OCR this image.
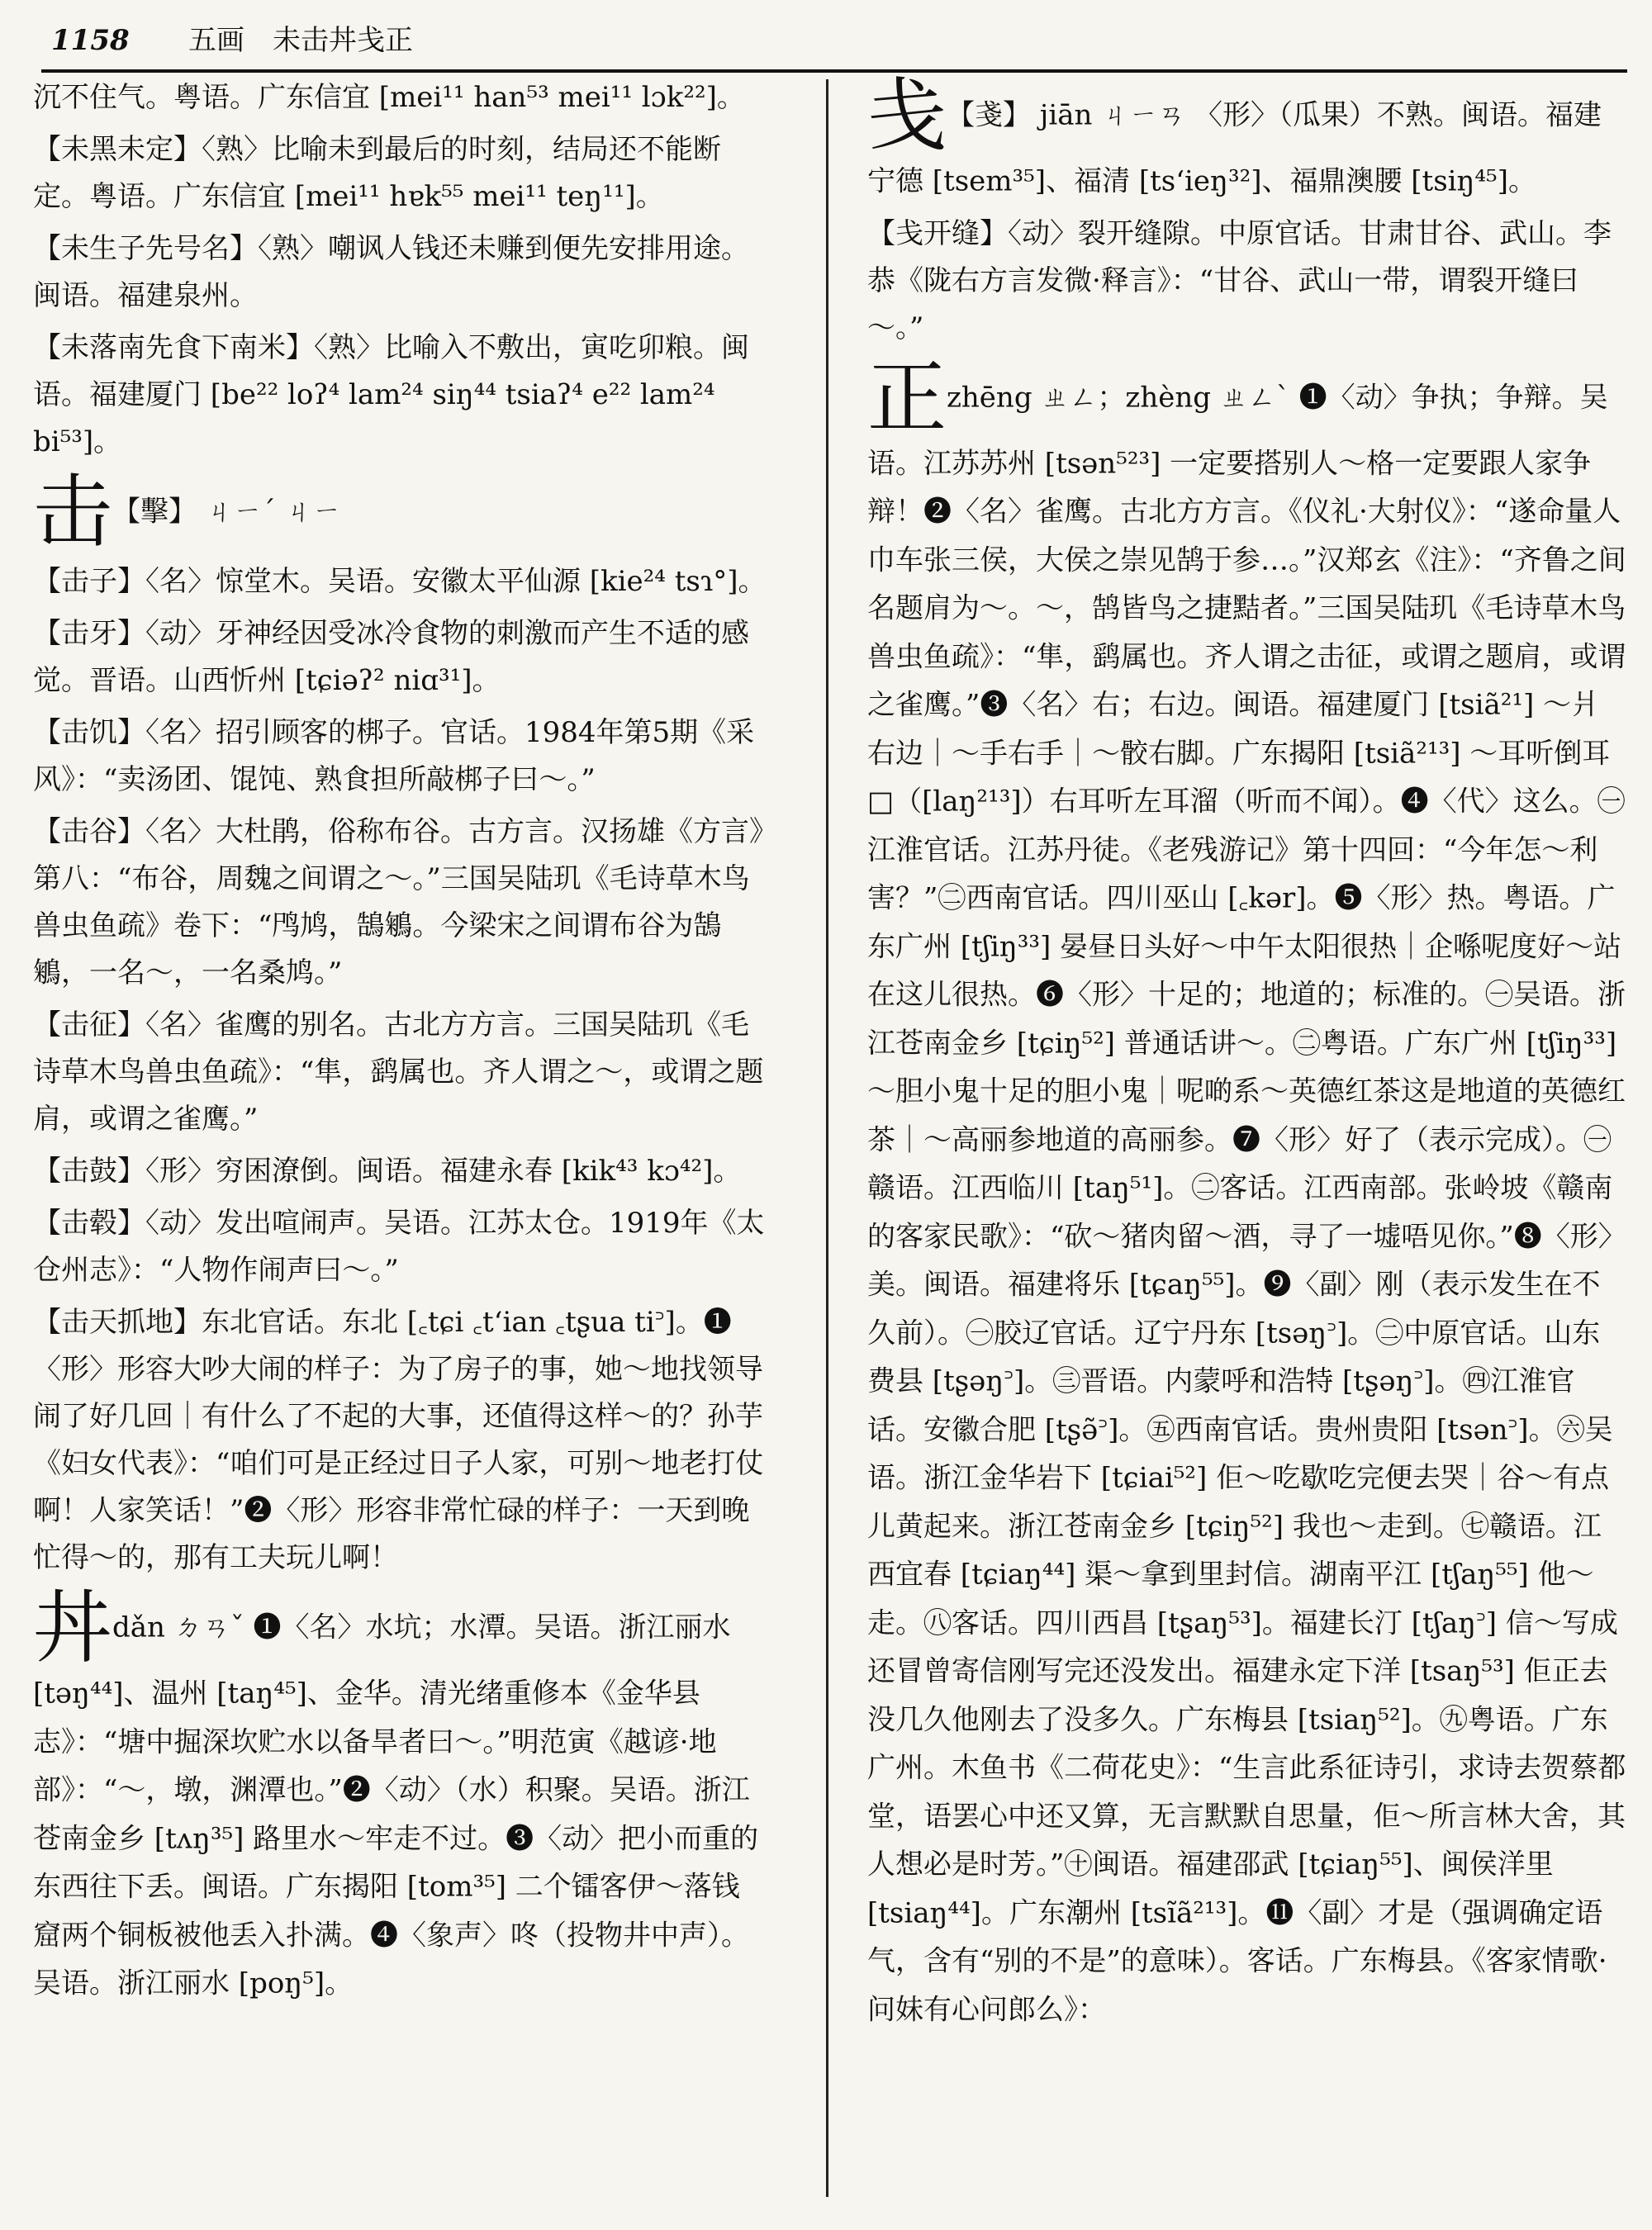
1158 五画　未击丼戋正

沉不住气。粤语。广东信宜 [mei¹¹ han⁵³ mei¹¹ lɔk²²]。

【未黑未定】〈熟〉比喻未到最后的时刻，结局还不能断定。粤语。广东信宜 [mei¹¹ hɐk⁵⁵ mei¹¹ teŋ¹¹]。

【未生子先号名】〈熟〉嘲讽人钱还未赚到便先安排用途。闽语。福建泉州。

【未落南先食下南米】〈熟〉比喻入不敷出，寅吃卯粮。闽语。福建厦门 [be²² loʔ⁴ lam²⁴ siŋ⁴⁴ tsiaʔ⁴ e²² lam²⁴ bi⁵³]。

击【擊】 ㄐㄧˊ ㄐㄧ

【击子】〈名〉惊堂木。吴语。安徽太平仙源 [kie²⁴ tsɿ°]。

【击牙】〈动〉牙神经因受冰冷食物的刺激而产生不适的感觉。晋语。山西忻州 [tɕiəʔ² niɑ³¹]。

【击饥】〈名〉招引顾客的梆子。官话。1984年第5期《采风》：“卖汤团、馄饨、熟食担所敲梆子曰～。”

【击谷】〈名〉大杜鹃，俗称布谷。古方言。汉扬雄《方言》第八：“布谷，周魏之间谓之～。”三国吴陆玑《毛诗草木鸟兽虫鱼疏》卷下：“鸤鸠，鵠鵴。今梁宋之间谓布谷为鵠鵴，一名～，一名桑鸠。”

【击征】〈名〉雀鹰的别名。古北方方言。三国吴陆玑《毛诗草木鸟兽虫鱼疏》：“隼，鹞属也。齐人谓之～，或谓之题肩，或谓之雀鹰。”

【击鼓】〈形〉穷困潦倒。闽语。福建永春 [kik⁴³ kɔ⁴²]。

【击毂】〈动〉发出喧闹声。吴语。江苏太仓。1919年《太仓州志》：“人物作闹声曰～。”

【击天抓地】东北官话。东北 [꜀tɕi ꜀tʻian ꜀tʂua ti꜄]。❶〈形〉形容大吵大闹的样子：为了房子的事，她～地找领导闹了好几回｜有什么了不起的大事，还值得这样～的？孙芋《妇女代表》：“咱们可是正经过日子人家，可别～地老打仗啊！人家笑话！”❷〈形〉形容非常忙碌的样子：一天到晚忙得～的，那有工夫玩儿啊！

丼dǎn ㄉㄢˇ ❶〈名〉水坑；水潭。吴语。浙江丽水 [təŋ⁴⁴]、温州 [taŋ⁴⁵]、金华。清光绪重修本《金华县志》：“塘中掘深坎贮水以备旱者曰～。”明范寅《越谚·地部》：“～，墩，渊潭也。”❷〈动〉（水）积聚。吴语。浙江苍南金乡 [tʌŋ³⁵] 路里水～牢走不过。❸〈动〉把小而重的东西往下丢。闽语。广东揭阳 [tom³⁵] 二个镭客伊～落钱 窟两个铜板被他丢入扑满。❹〈象声〉咚（投物井中声）。吴语。浙江丽水 [poŋ⁵]。

戋【戔】 jiān ㄐㄧㄢ 〈形〉（瓜果）不熟。闽语。福建宁德 [tsem³⁵]、福清 [tsʻieŋ³²]、福鼎澳腰 [tsiŋ⁴⁵]。

【戋开缝】〈动〉裂开缝隙。中原官话。甘肃甘谷、武山。李恭《陇右方言发微·释言》：“甘谷、武山一带，谓裂开缝曰～。”

正zhēng ㄓㄥ；zhèng ㄓㄥˋ ❶〈动〉争执；争辩。吴语。江苏苏州 [tsən⁵²³] 一定要搭别人～格一定要跟人家争辩！❷〈名〉雀鹰。古北方方言。《仪礼·大射仪》：“遂命量人巾车张三侯，大侯之崇见鹄于参…。”汉郑玄《注》：“齐鲁之间名题肩为～。～，鹄皆鸟之捷黠者。”三国吴陆玑《毛诗草木鸟兽虫鱼疏》：“隼，鹞属也。齐人谓之击征，或谓之题肩，或谓之雀鹰。”❸〈名〉右；右边。闽语。福建厦门 [tsiã²¹] ～爿右边｜～手右手｜～骹右脚。广东揭阳 [tsiã²¹³] ～耳听倒耳□（[laŋ²¹³]）右耳听左耳溜（听而不闻）。❹〈代〉这么。㊀江淮官话。江苏丹徒。《老残游记》第十四回：“今年怎～利害？”㊁西南官话。四川巫山 [꜀kər]。❺〈形〉热。粤语。广东广州 [tʃiŋ³³] 晏昼日头好～中午太阳很热｜企喺呢度好～站在这儿很热。❻〈形〉十足的；地道的；标准的。㊀吴语。浙江苍南金乡 [tɕiŋ⁵²] 普通话讲～。㊁粤语。广东广州 [tʃiŋ³³] ～胆小鬼十足的胆小鬼｜呢啲系～英德红茶这是地道的英德红茶｜～高丽参地道的高丽参。❼〈形〉好了（表示完成）。㊀赣语。江西临川 [taŋ⁵¹]。㊁客话。江西南部。张岭坡《赣南的客家民歌》：“砍～猪肉留～酒，寻了一墟唔见你。”❽〈形〉美。闽语。福建将乐 [tɕaŋ⁵⁵]。❾〈副〉刚（表示发生在不久前）。㊀胶辽官话。辽宁丹东 [tsəŋ꜄]。㊁中原官话。山东费县 [tʂəŋ꜄]。㊂晋语。内蒙呼和浩特 [tʂəŋ꜄]。㊃江淮官话。安徽合肥 [tʂə̃꜄]。㊄西南官话。贵州贵阳 [tsən꜄]。㊅吴语。浙江金华岩下 [tɕiai⁵²] 佢～吃歇吃完便去哭｜谷～有点儿黄起来。浙江苍南金乡 [tɕiŋ⁵²] 我也～走到。㊆赣语。江西宜春 [tɕiaŋ⁴⁴] 渠～拿到里封信。湖南平江 [tʃaŋ⁵⁵] 他～走。㊇客话。四川西昌 [tʂaŋ⁵³]。福建长汀 [tʃaŋ꜄] 信～写成还冒曾寄信刚写完还没发出。福建永定下洋 [tsaŋ⁵³] 佢正去没几久他刚去了没多久。广东梅县 [tsiaŋ⁵²]。㊈粤语。广东广州。木鱼书《二荷花史》：“生言此系征诗引，求诗去贺蔡都堂，语罢心中还又算，无言默默自思量，佢～所言林大舍，其人想必是时芳。”㊉闽语。福建邵武 [tɕiaŋ⁵⁵]、闽侯洋里 [tsiaŋ⁴⁴]。广东潮州 [tsĩã²¹³]。⓫〈副〉才是（强调确定语气，含有“别的不是”的意味）。客话。广东梅县。《客家情歌·问妹有心问郎么》：
